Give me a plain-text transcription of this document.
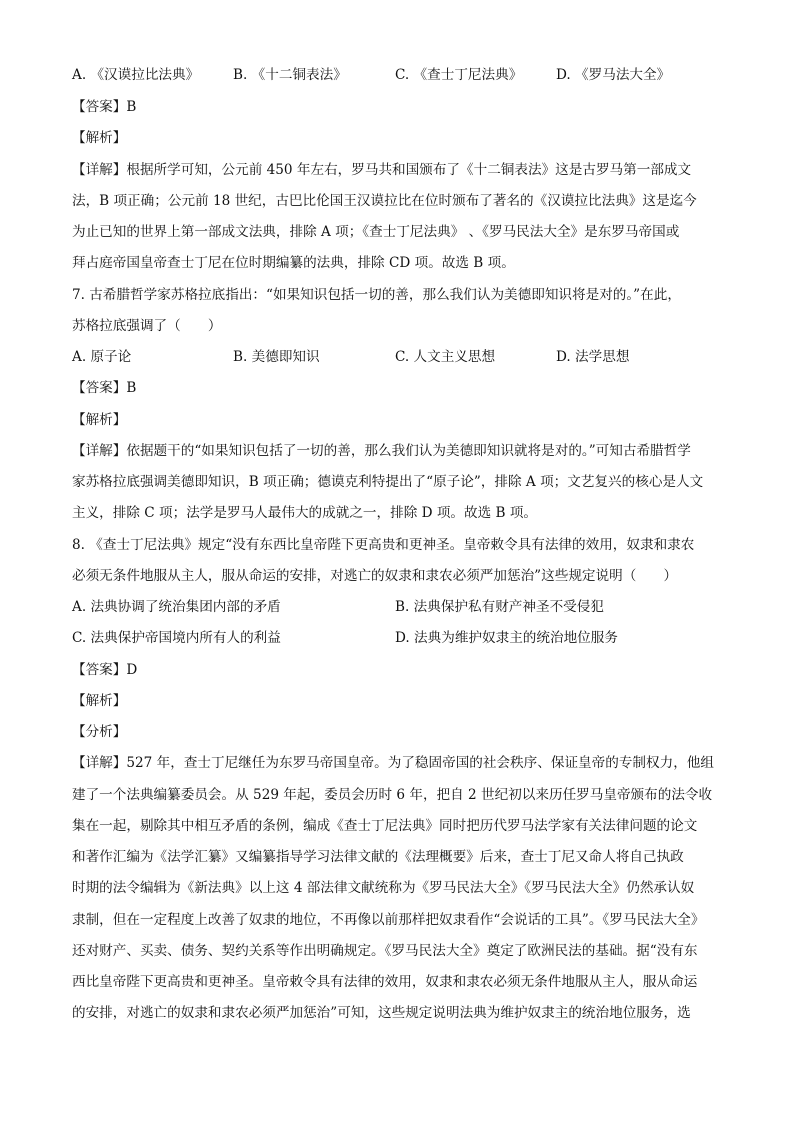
A. 《汉谟拉比法典》 B. 《十二铜表法》	C. 《查士丁尼法典》 D. 《罗马法大全》
【答案】B
【解析】
【详解】根据所学可知，公元前 450 年左右，罗马共和国颁布了《十二铜表法》这是古罗马第一部成文
法，B 项正确；公元前 18 世纪，古巴比伦国王汉谟拉比在位时颁布了著名的《汉谟拉比法典》这是迄今
为止已知的世界上第一部成文法典，排除 A 项；《查士丁尼法典》 、《罗马民法大全》是东罗马帝国或
拜占庭帝国皇帝查士丁尼在位时期编纂的法典，排除 CD 项。故选 B 项。
7. 古希腊哲学家苏格拉底指出：“如果知识包括一切的善，那么我们认为美德即知识将是对的。”在此，
苏格拉底强调了（　　）
A. 原子论	B. 美德即知识	C. 人文主义思想	D. 法学思想
【答案】B
【解析】
【详解】依据题干的“如果知识包括了一切的善，那么我们认为美德即知识就将是对的。”可知古希腊哲学
家苏格拉底强调美德即知识，B 项正确；德谟克利特提出了“原子论”，排除 A 项；文艺复兴的核心是人文
主义，排除 C 项；法学是罗马人最伟大的成就之一，排除 D 项。故选 B 项。
8. 《查士丁尼法典》规定“没有东西比皇帝陛下更高贵和更神圣。皇帝敕令具有法律的效用，奴隶和隶农
必须无条件地服从主人，服从命运的安排，对逃亡的奴隶和隶农必须严加惩治”这些规定说明（　　）
A. 法典协调了统治集团内部的矛盾	B. 法典保护私有财产神圣不受侵犯
C. 法典保护帝国境内所有人的利益	D. 法典为维护奴隶主的统治地位服务
【答案】D
【解析】
【分析】
【详解】527 年，查士丁尼继任为东罗马帝国皇帝。为了稳固帝国的社会秩序、保证皇帝的专制权力，他组
建了一个法典编纂委员会。从 529 年起，委员会历时 6 年，把自 2 世纪初以来历任罗马皇帝颁布的法令收
集在一起，剔除其中相互矛盾的条例，编成《查士丁尼法典》同时把历代罗马法学家有关法律问题的论文
和著作汇编为《法学汇纂》又编纂指导学习法律文献的《法理概要》后来，查士丁尼又命人将自己执政
时期的法令编辑为《新法典》以上这 4 部法律文献统称为《罗马民法大全》《罗马民法大全》仍然承认奴
隶制，但在一定程度上改善了奴隶的地位，不再像以前那样把奴隶看作“会说话的工具”。《罗马民法大全》
还对财产、买卖、债务、契约关系等作出明确规定。《罗马民法大全》奠定了欧洲民法的基础。据“没有东
西比皇帝陛下更高贵和更神圣。皇帝敕令具有法律的效用，奴隶和隶农必须无条件地服从主人，服从命运
的安排，对逃亡的奴隶和隶农必须严加惩治”可知，这些规定说明法典为维护奴隶主的统治地位服务，选
